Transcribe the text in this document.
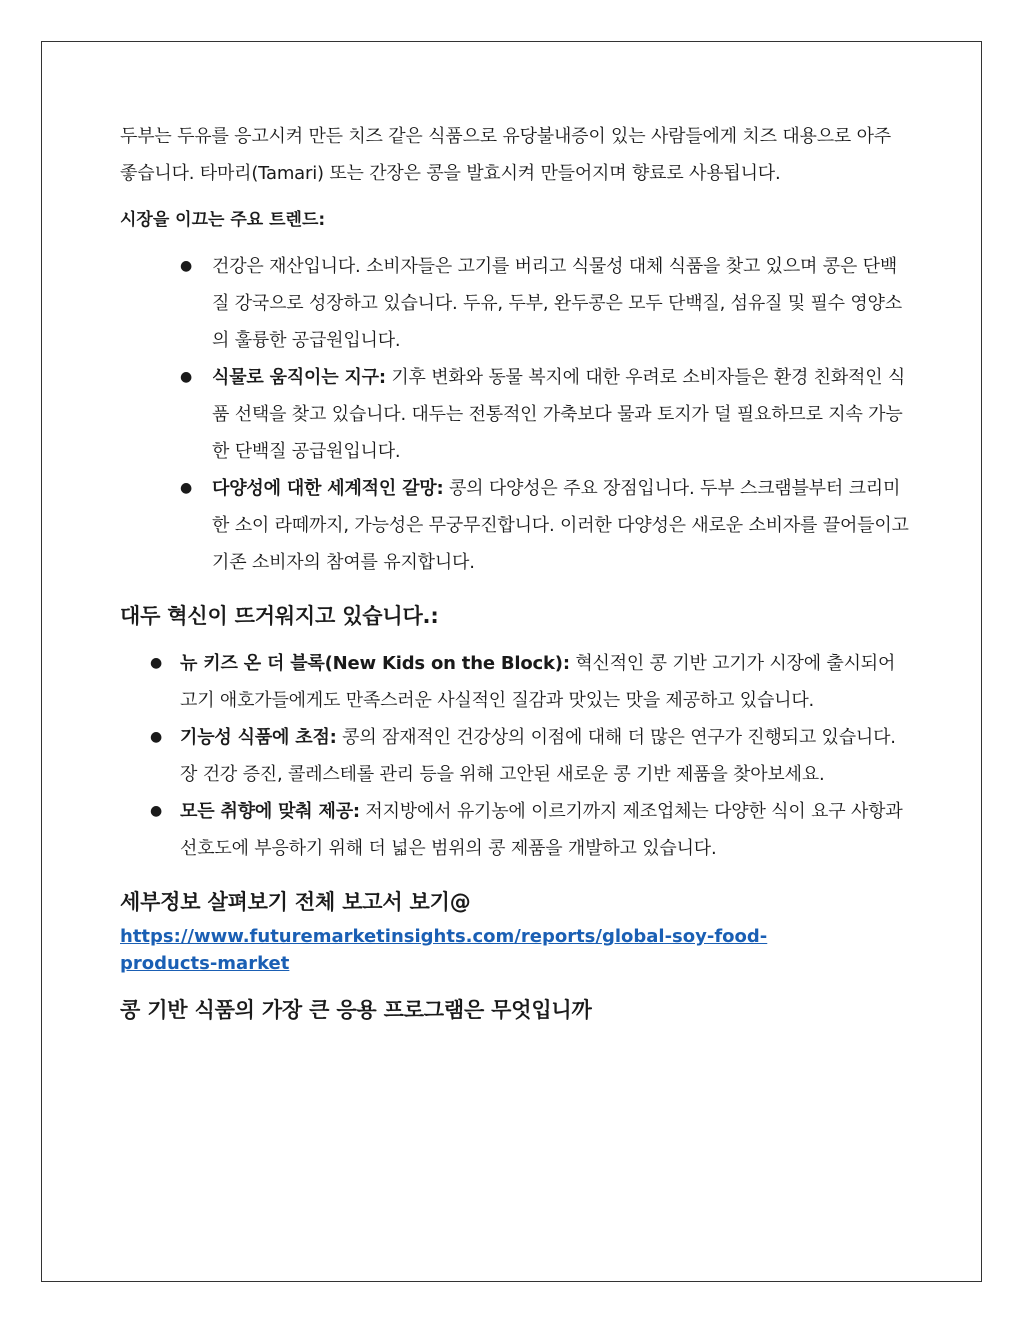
두부는 두유를 응고시켜 만든 치즈 같은 식품으로 유당불내증이 있는 사람들에게 치즈 대용으로 아주 좋습니다. 타마리(Tamari) 또는 간장은 콩을 발효시켜 만들어지며 향료로 사용됩니다.

시장을 이끄는 주요 트렌드:
● 건강은 재산입니다. 소비자들은 고기를 버리고 식물성 대체 식품을 찾고 있으며 콩은 단백질 강국으로 성장하고 있습니다. 두유, 두부, 완두콩은 모두 단백질, 섬유질 및 필수 영양소의 훌륭한 공급원입니다.
● 식물로 움직이는 지구: 기후 변화와 동물 복지에 대한 우려로 소비자들은 환경 친화적인 식품 선택을 찾고 있습니다. 대두는 전통적인 가축보다 물과 토지가 덜 필요하므로 지속 가능한 단백질 공급원입니다.
● 다양성에 대한 세계적인 갈망: 콩의 다양성은 주요 장점입니다. 두부 스크램블부터 크리미한 소이 라떼까지, 가능성은 무궁무진합니다. 이러한 다양성은 새로운 소비자를 끌어들이고 기존 소비자의 참여를 유지합니다.
대두 혁신이 뜨거워지고 있습니다.:
● 뉴 키즈 온 더 블록(New Kids on the Block): 혁신적인 콩 기반 고기가 시장에 출시되어 고기 애호가들에게도 만족스러운 사실적인 질감과 맛있는 맛을 제공하고 있습니다.
● 기능성 식품에 초점: 콩의 잠재적인 건강상의 이점에 대해 더 많은 연구가 진행되고 있습니다. 장 건강 증진, 콜레스테롤 관리 등을 위해 고안된 새로운 콩 기반 제품을 찾아보세요.
● 모든 취향에 맞춰 제공: 저지방에서 유기농에 이르기까지 제조업체는 다양한 식이 요구 사항과 선호도에 부응하기 위해 더 넓은 범위의 콩 제품을 개발하고 있습니다.
세부정보 살펴보기 전체 보고서 보기@
https://www.futuremarketinsights.com/reports/global-soy-food-products-market
콩 기반 식품의 가장 큰 응용 프로그램은 무엇입니까
